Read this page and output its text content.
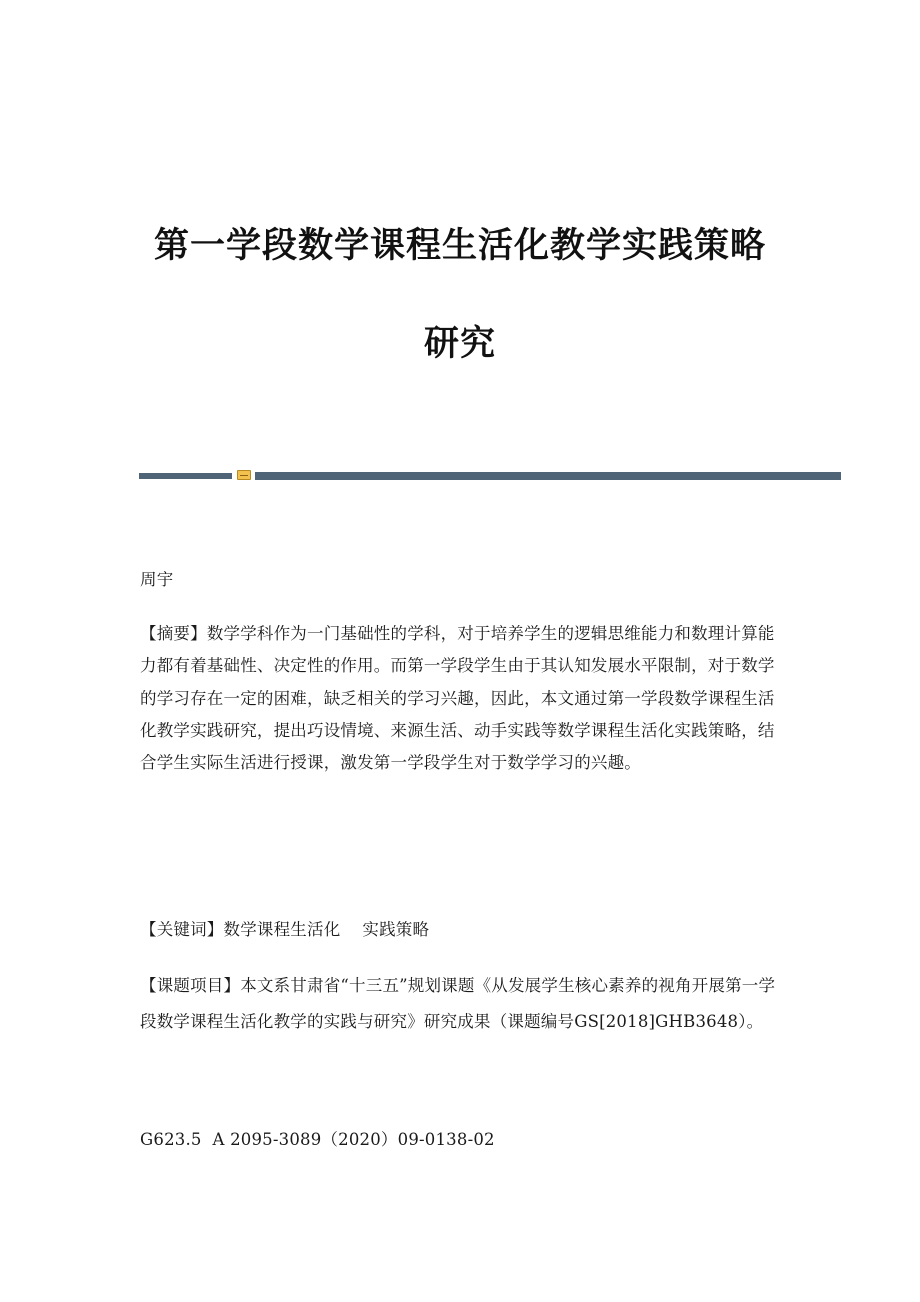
第一学段数学课程生活化教学实践策略
研究
周宇
【摘要】数学学科作为一门基础性的学科，对于培养学生的逻辑思维能力和数理计算能力都有着基础性、决定性的作用。而第一学段学生由于其认知发展水平限制，对于数学的学习存在一定的困难，缺乏相关的学习兴趣，因此，本文通过第一学段数学课程生活化教学实践研究，提出巧设情境、来源生活、动手实践等数学课程生活化实践策略，结合学生实际生活进行授课，激发第一学段学生对于数学学习的兴趣。
【关键词】数学课程生活化 实践策略
【课题项目】本文系甘肃省“十三五”规划课题《从发展学生核心素养的视角开展第一学段数学课程生活化教学的实践与研究》研究成果（课题编号GS[2018]GHB3648）。
G623.5  A 2095-3089（2020）09-0138-02
